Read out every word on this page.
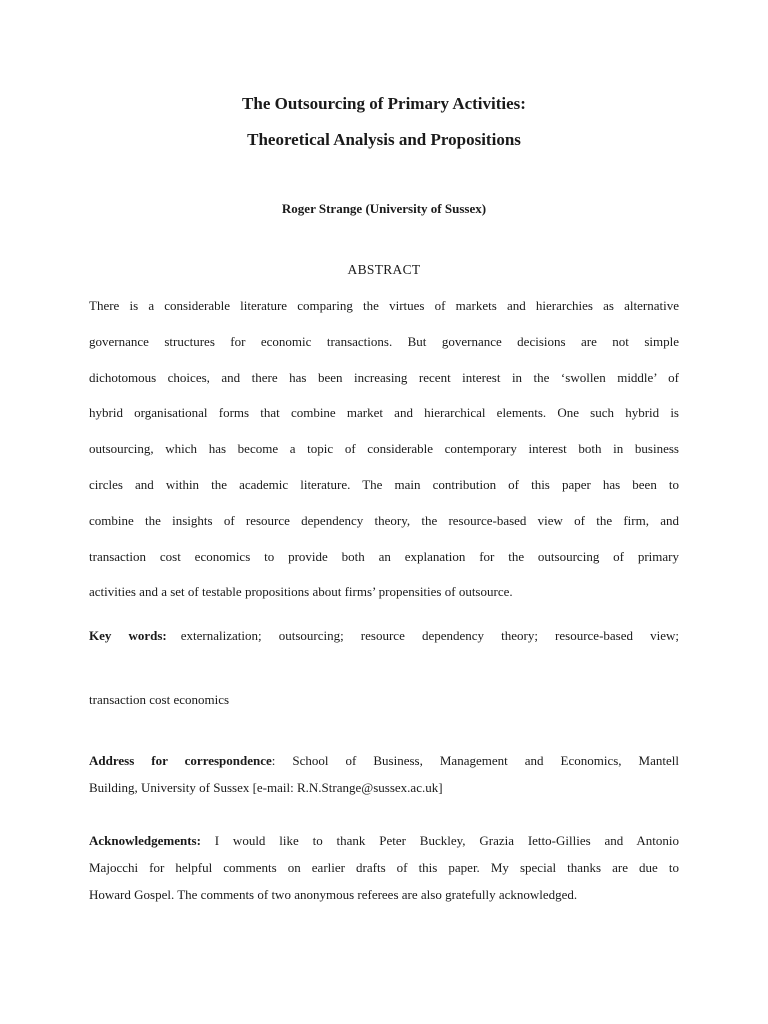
The Outsourcing of Primary Activities:
Theoretical Analysis and Propositions

Roger Strange (University of Sussex)

ABSTRACT

There is a considerable literature comparing the virtues of markets and hierarchies as alternative
governance structures for economic transactions. But governance decisions are not simple
dichotomous choices, and there has been increasing recent interest in the ‘swollen middle’ of
hybrid organisational forms that combine market and hierarchical elements. One such hybrid is
outsourcing, which has become a topic of considerable contemporary interest both in business
circles and within the academic literature. The main contribution of this paper has been to
combine the insights of resource dependency theory, the resource-based view of the firm, and
transaction cost economics to provide both an explanation for the outsourcing of primary
activities and a set of testable propositions about firms’ propensities of outsource.
Key words: externalization; outsourcing; resource dependency theory; resource-based view;
transaction cost economics
Address for correspondence: School of Business, Management and Economics, Mantell
Building, University of Sussex [e-mail: R.N.Strange@sussex.ac.uk]
Acknowledgements: I would like to thank Peter Buckley, Grazia Ietto-Gillies and Antonio
Majocchi for helpful comments on earlier drafts of this paper. My special thanks are due to
Howard Gospel. The comments of two anonymous referees are also gratefully acknowledged.
